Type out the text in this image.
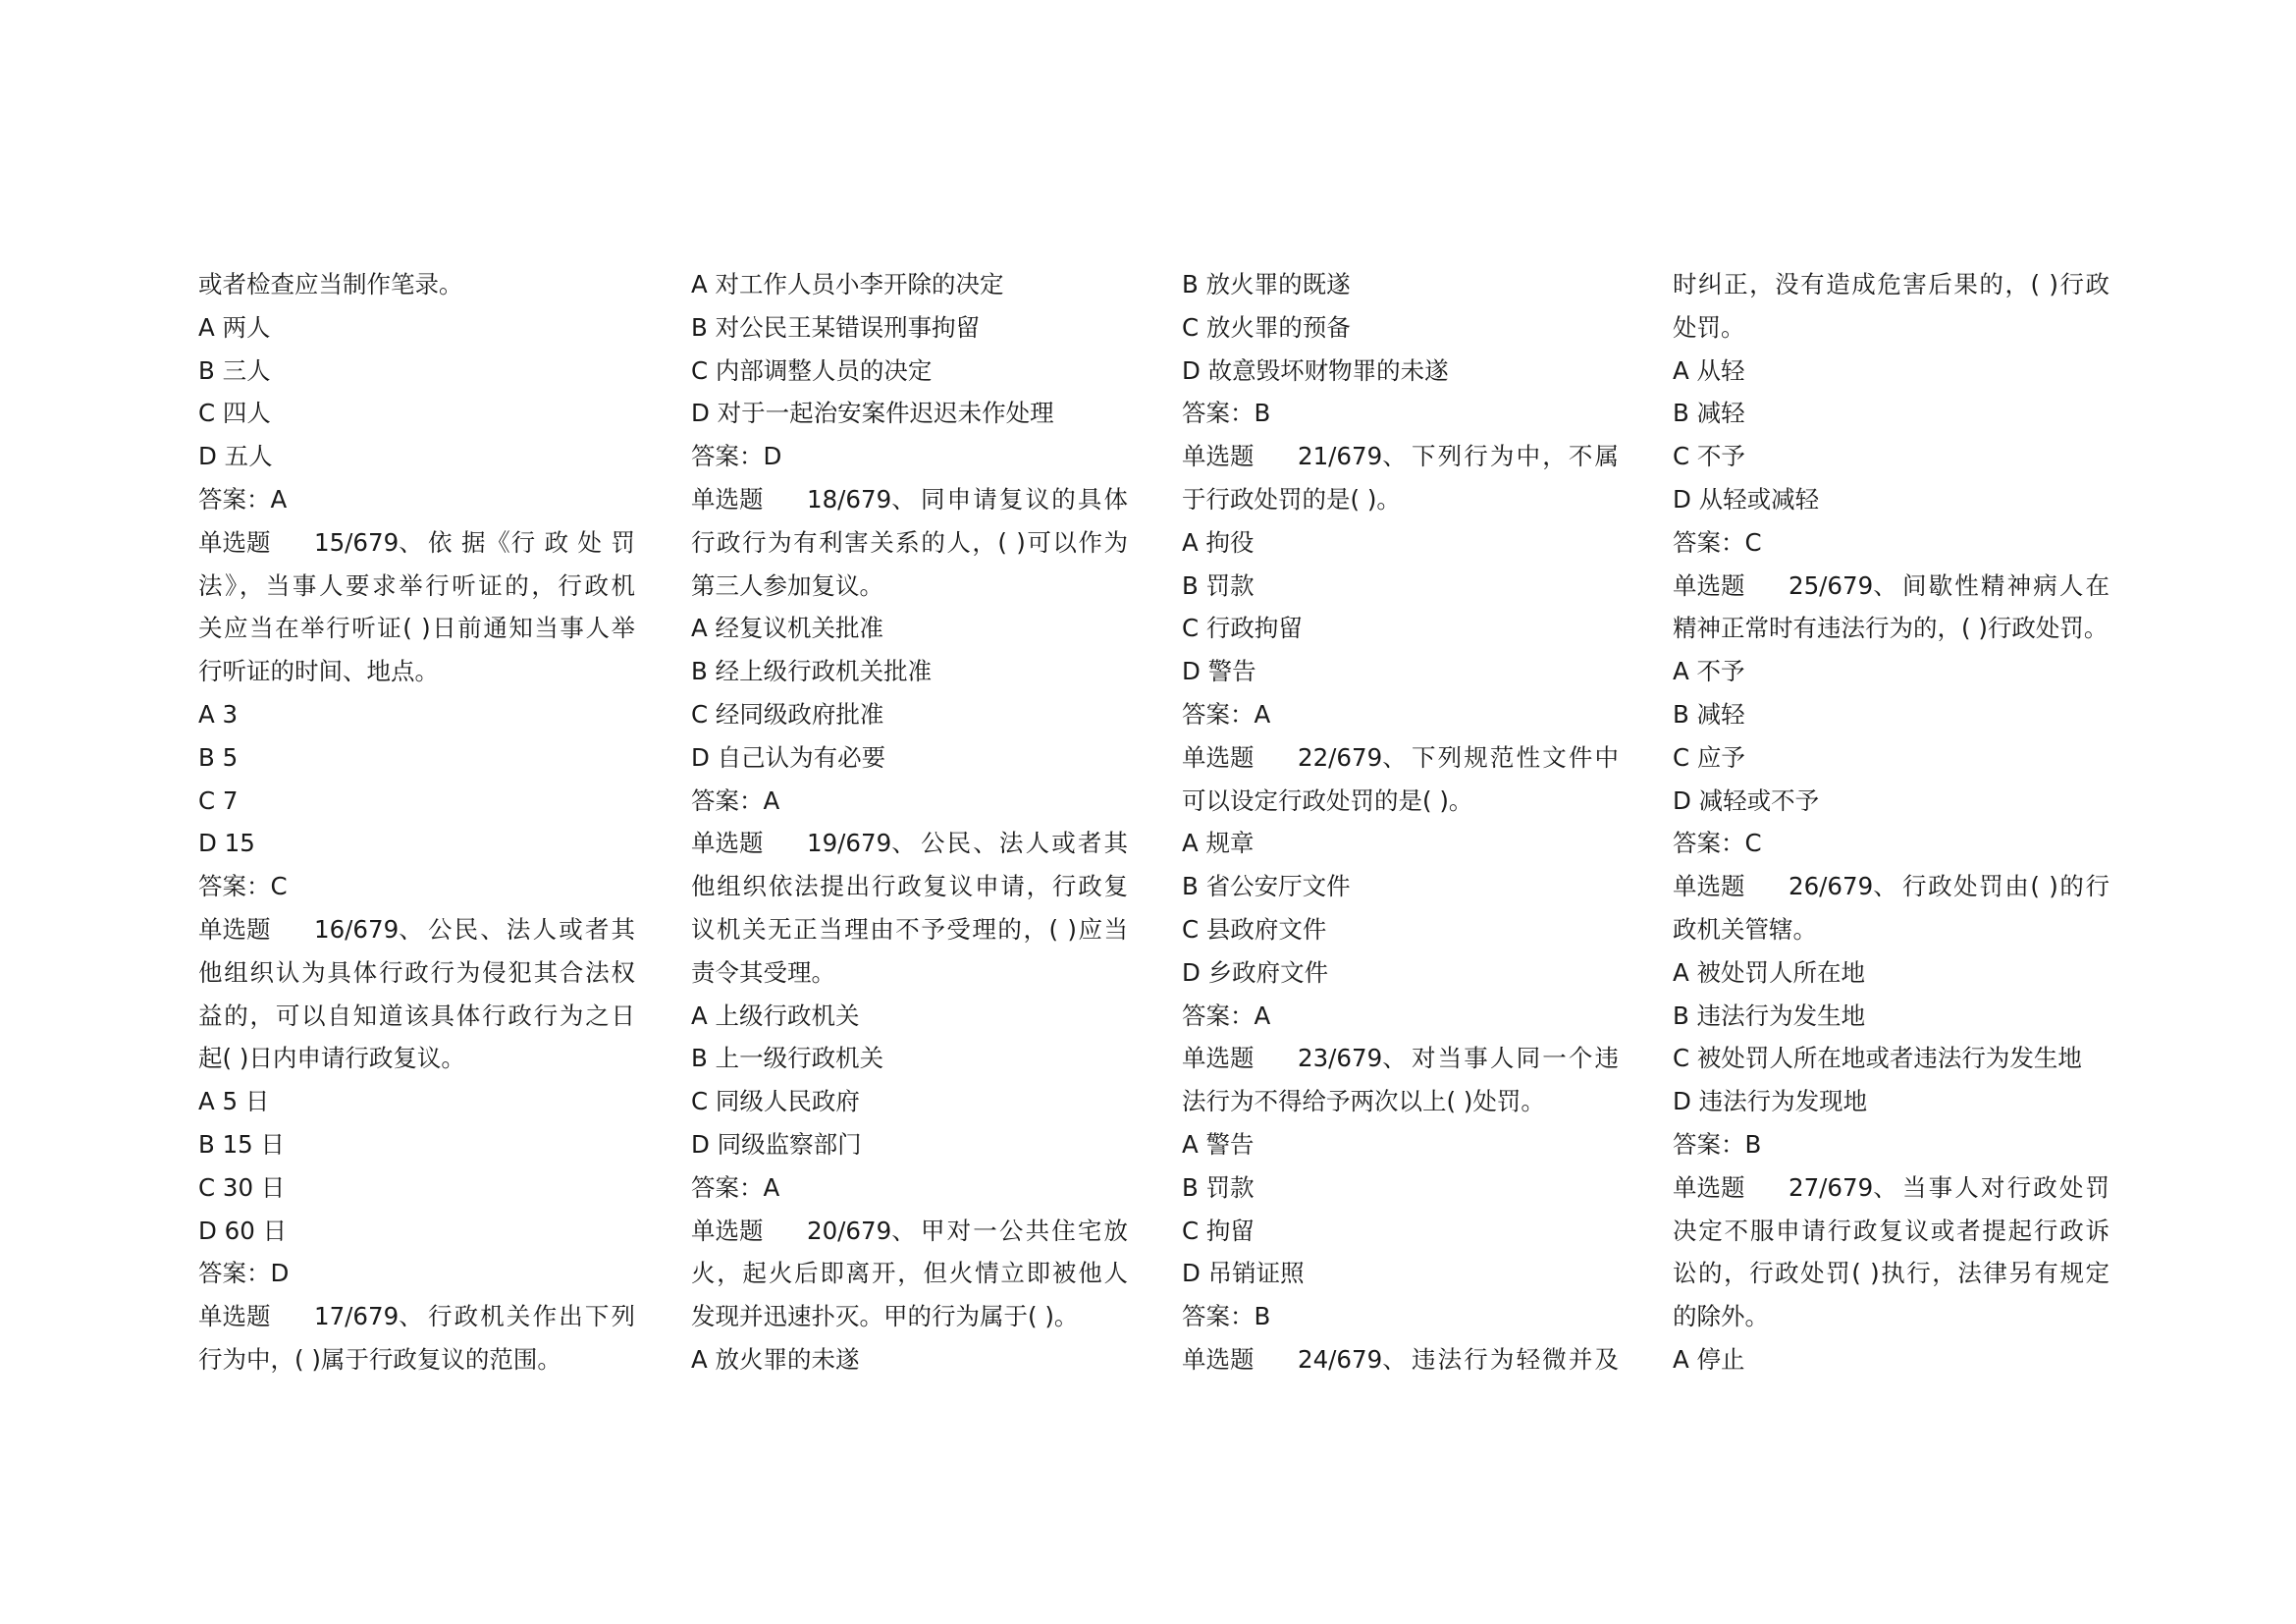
或者检查应当制作笔录。
A 两人
B 三人
C 四人
D 五人
答案：A
单选题	15/679、 依 据《行 政 处 罚
法》，当事人要求举行听证的，行政机
关应当在举行听证( )日前通知当事人举
行听证的时间、地点。
A 3
B 5
C 7
D 15
答案：C
单选题	16/679、 公民、法人或者其
他组织认为具体行政行为侵犯其合法权
益的，可以自知道该具体行政行为之日
起( )日内申请行政复议。
A 5 日
B 15 日
C 30 日
D 60 日
答案：D
单选题	17/679、 行政机关作出下列
行为中，( )属于行政复议的范围。
A 对工作人员小李开除的决定
B 对公民王某错误刑事拘留
C 内部调整人员的决定
D 对于一起治安案件迟迟未作处理
答案：D
单选题	18/679、 同申请复议的具体
行政行为有利害关系的人，( )可以作为
第三人参加复议。
A 经复议机关批准
B 经上级行政机关批准
C 经同级政府批准
D 自己认为有必要
答案：A
单选题	19/679、 公民、法人或者其
他组织依法提出行政复议申请，行政复
议机关无正当理由不予受理的，( )应当
责令其受理。
A 上级行政机关
B 上一级行政机关
C 同级人民政府
D 同级监察部门
答案：A
单选题	20/679、 甲对一公共住宅放
火，起火后即离开，但火情立即被他人
发现并迅速扑灭。甲的行为属于( )。
A 放火罪的未遂
B 放火罪的既遂
C 放火罪的预备
D 故意毁坏财物罪的未遂
答案：B
单选题	21/679、 下列行为中，不属
于行政处罚的是( )。
A 拘役
B 罚款
C 行政拘留
D 警告
答案：A
单选题	22/679、 下列规范性文件中
可以设定行政处罚的是( )。
A 规章
B 省公安厅文件
C 县政府文件
D 乡政府文件
答案：A
单选题	23/679、 对当事人同一个违
法行为不得给予两次以上( )处罚。
A 警告
B 罚款
C 拘留
D 吊销证照
答案：B
单选题	24/679、 违法行为轻微并及
时纠正，没有造成危害后果的，( )行政
处罚。
A 从轻
B 减轻
C 不予
D 从轻或减轻
答案：C
单选题	25/679、 间歇性精神病人在
精神正常时有违法行为的，( )行政处罚。
A 不予
B 减轻
C 应予
D 减轻或不予
答案：C
单选题	26/679、 行政处罚由( )的行
政机关管辖。
A 被处罚人所在地
B 违法行为发生地
C 被处罚人所在地或者违法行为发生地
D 违法行为发现地
答案：B
单选题	27/679、 当事人对行政处罚
决定不服申请行政复议或者提起行政诉
讼的，行政处罚( )执行，法律另有规定
的除外。
A 停止
